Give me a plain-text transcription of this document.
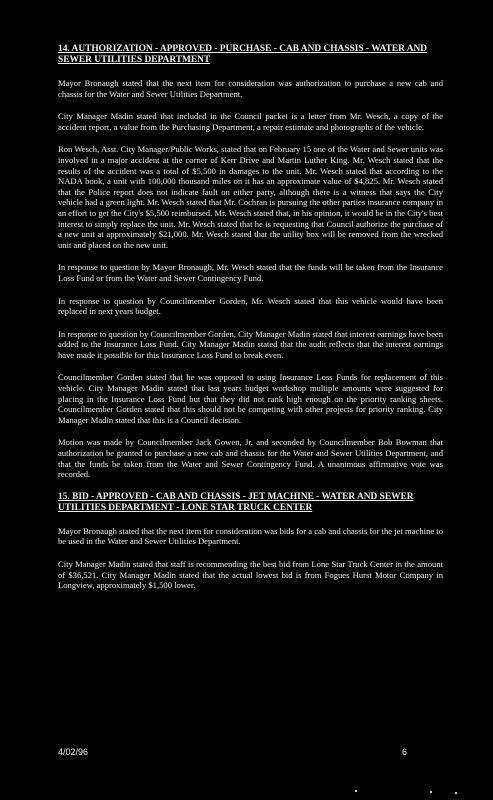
14. AUTHORIZATION - APPROVED - PURCHASE - CAB AND CHASSIS - WATER AND SEWER UTILITIES DEPARTMENT
Mayor Bronaugh stated that the next item for consideration was authorization to purchase a new cab and chassis for the Water and Sewer Utilities Department.
City Manager Madin stated that included in the Council packet is a letter from Mr. Wesch, a copy of the accident report, a value from the Purchasing Department, a repair estimate and photographs of the vehicle.
Ron Wesch, Asst. City Manager/Public Works, stated that on February 15 one of the Water and Sewer units was involved in a major accident at the corner of Kerr Drive and Martin Luther King. Mr. Wesch stated that the results of the accident was a total of $5,500 in damages to the unit. Mr. Wesch stated that according to the NADA book, a unit with 100,000 thousand miles on it has an approximate value of $4,825. Mr. Wesch stated that the Police report does not indicate fault on either party, although there is a witness that says the City vehicle had a green light. Mr. Wesch stated that Mr. Cochran is pursuing the other parties insurance company in an effort to get the City's $5,500 reimbursed. Mr. Wesch stated that, in his opinion, it would be in the City's best interest to simply replace the unit. Mr. Wesch stated that he is requesting that Council authorize the purchase of a new unit at approximately $21,000. Mr. Wesch stated that the utility box will be removed from the wrecked unit and placed on the new unit.
In response to question by Mayor Bronaugh, Mr. Wesch stated that the funds will be taken from the Insurance Loss Fund or from the Water and Sewer Contingency Fund.
In response to question by Councilmember Gorden, Mr. Wesch stated that this vehicle would have been replaced in next years budget.
In response to question by Councilmember Gorden, City Manager Madin stated that interest earnings have been added to the Insurance Loss Fund. City Manager Madin stated that the audit reflects that the interest earnings have made it possible for this Insurance Loss Fund to break even.
Councilmember Gorden stated that he was opposed to using Insurance Loss Funds for replacement of this vehicle. City Manager Madin stated that last years budget workshop multiple amounts were suggested for placing in the Insurance Loss Fund but that they did not rank high enough on the priority ranking sheets. Councilmember Gorden stated that this should not be competing with other projects for priority ranking. City Manager Madin stated that this is a Council decision.
Motion was made by Councilmember Jack Gowen, Jr. and seconded by Councilmember Bob Bowman that authorization be granted to purchase a new cab and chassis for the Water and Sewer Utilities Department, and that the funds be taken from the Water and Sewer Contingency Fund. A unanimous affirmative vote was recorded.
15. BID - APPROVED - CAB AND CHASSIS - JET MACHINE - WATER AND SEWER UTILITIES DEPARTMENT - LONE STAR TRUCK CENTER
Mayor Bronaugh stated that the next item for consideration was bids for a cab and chassis for the jet machine to be used in the Water and Sewer Utilities Department.
City Manager Madin stated that staff is recommending the best bid from Lone Star Truck Center in the amount of $36,521. City Manager Madin stated that the actual lowest bid is from Fogues Hurst Motor Company in Longview, approximately $1,500 lower.
4/02/96	6
